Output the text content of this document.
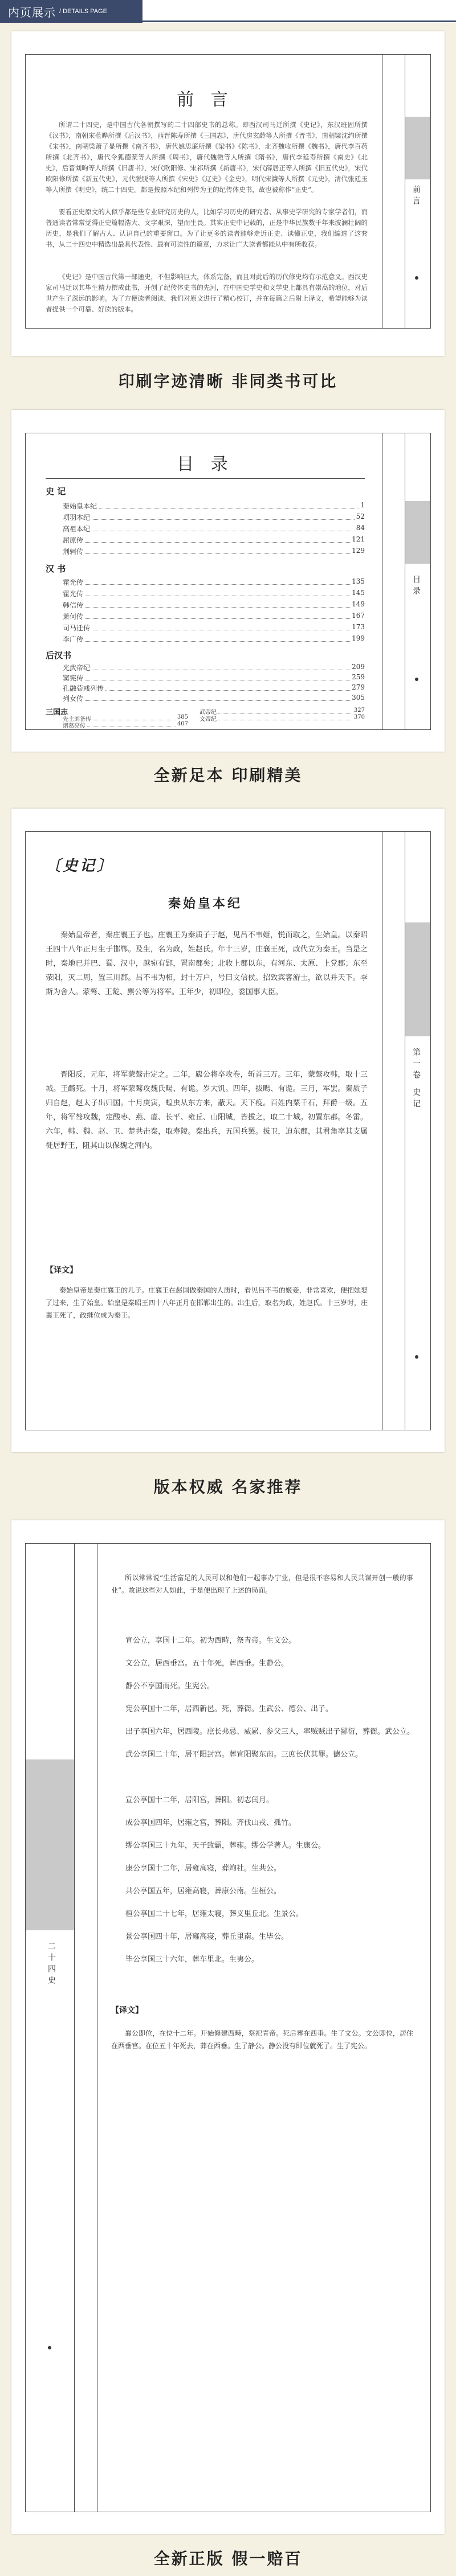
内页展示 / DETAILS PAGE
前言
前 言
所谓二十四史，是中国古代各朝撰写的二十四部史书的总称。即西汉司马迁所撰《史记》，东汉班固所撰《汉书》，南朝宋范晔所撰《后汉书》，西晋陈寿所撰《三国志》，唐代房玄龄等人所撰《晋书》，南朝梁沈约所撰《宋书》，南朝梁萧子显所撰《南齐书》，唐代姚思廉所撰《梁书》《陈书》，北齐魏收所撰《魏书》，唐代李百药所撰《北齐书》，唐代令狐德棻等人所撰《周书》，唐代魏徵等人所撰《隋书》，唐代李延寿所撰《南史》《北史》，后晋刘昫等人所撰《旧唐书》，宋代欧阳修、宋祁所撰《新唐书》，宋代薛居正等人所撰《旧五代史》，宋代欧阳修所撰《新五代史》，元代脱脱等人所撰《宋史》《辽史》《金史》，明代宋濂等人所撰《元史》，清代张廷玉等人所撰《明史》，统二十四史。都是按照本纪和列传为主的纪传体史书，故也被称作“正史”。
要看正史原文的人似乎都是些专业研究历史的人，比如学习历史的研究者、从事史学研究的专家学者们，而普通读者常常觉得正史篇幅浩大、文字艰深，望而生畏。其实正史中记载的，正是中华民族数千年来波澜壮阔的历史，是我们了解古人、认识自己的重要窗口。为了让更多的读者能够走近正史、读懂正史，我们编选了这套书，从二十四史中精选出最具代表性、最有可读性的篇章，力求让广大读者都能从中有所收获。
《史记》是中国古代第一部通史，不但影响巨大，体系完备，而且对此后的历代修史均有示范意义。西汉史家司马迁以其毕生精力撰成此书，开创了纪传体史书的先河，在中国史学史和文学史上都具有崇高的地位，对后世产生了深远的影响。为了方便读者阅读，我们对原文进行了精心校订，并在每篇之后附上译文，希望能够为读者提供一个可靠、好读的版本。
印刷字迹清晰 非同类书可比
目录
目 录
史 记
秦始皇本纪	1
项羽本纪	52
高祖本纪	84
屈原传	121
荆轲传	129
汉 书
霍光传	135
霍光传	145
韩信传	149
萧何传	167
司马迁传	173
李广传	199
后汉书
光武帝纪	209
窦宪传	259
孔融荀彧列传	279
列女传	305
三国志	武帝纪	327
文帝纪	370
先主刘备传	385
诸葛亮传	407
全新足本 印刷精美
第一卷 史记
〔史记〕
秦始皇本纪
秦始皇帝者，秦庄襄王子也。庄襄王为秦质子于赵，见吕不韦姬，悦而取之，生始皇。以秦昭王四十八年正月生于邯郸。及生，名为政，姓赵氏。年十三岁，庄襄王死，政代立为秦王。当是之时，秦地已并巴、蜀、汉中，越宛有郢，置南郡矣；北收上郡以东，有河东、太原、上党郡；东至荥阳，灭二周，置三川郡。吕不韦为相，封十万户，号曰文信侯。招致宾客游士，欲以并天下。李斯为舍人。蒙骜、王龁、麃公等为将军。王年少，初即位，委国事大臣。
晋阳反，元年，将军蒙骜击定之。二年，麃公将卒攻卷，斩首三万。三年，蒙骜攻韩，取十三城。王齮死。十月，将军蒙骜攻魏氏畼、有诡。岁大饥。四年，拔畼、有诡。三月，军罢。秦质子归自赵，赵太子出归国。十月庚寅，蝗虫从东方来，蔽天。天下疫。百姓内粟千石，拜爵一级。五年，将军骜攻魏，定酸枣、燕、虚、长平、雍丘、山阳城，皆拔之，取二十城。初置东郡。冬雷。六年，韩、魏、赵、卫、楚共击秦，取寿陵。秦出兵，五国兵罢。拔卫，迫东郡，其君角率其支属徙居野王，阻其山以保魏之河内。
【译文】
秦始皇帝是秦庄襄王的儿子。庄襄王在赵国做秦国的人质时，看见吕不韦的姬妾，非常喜欢，便把她娶了过来，生了始皇。始皇是秦昭王四十八年正月在邯郸出生的。出生后，取名为政，姓赵氏。十三岁时，庄襄王死了，政继位成为秦王。
版本权威 名家推荐
二十四史
所以常常说“生活富足的人民可以和他们一起事办宁业，但是很不容易和人民共谋开创一般的事业”。故说这些对人如此，于是便出现了上述的局面。
宣公立，享国十二年。初为西畤，祭青帝。生文公。
文公立，居西垂宫。五十年死，葬西垂。生静公。
静公不享国而死。生宪公。
宪公享国十二年，居西新邑。死，葬衙。生武公、德公、出子。
出子享国六年，居西陵。庶长弗忌、威累、参父三人，率贼贼出子鄙衍，葬衙。武公立。
武公享国二十年，居平阳封宫。葬宣阳聚东南。三庶长伏其罪。德公立。
宣公享国十二年，居阳宫，葬阳。初志闰月。
成公享国四年，居雍之宫，葬阳。齐伐山戎、孤竹。
缪公享国三十九年，天子致霸，葬雍。缪公学著人。生康公。
康公享国十二年，居雍高寝，葬竘社。生共公。
共公享国五年，居雍高寝，葬康公南。生桓公。
桓公享国二十七年，居雍太寝，葬义里丘北。生景公。
景公享国四十年，居雍高寝，葬丘里南。生毕公。
毕公享国三十六年，葬车里北。生夷公。
【译文】
襄公即位，在位十二年。开始修建西畤，祭祀青帝。死后葬在西垂。生了文公。文公即位，居住在西垂宫。在位五十年死去，葬在西垂。生了静公。静公没有即位就死了。生了宪公。
全新正版 假一赔百
